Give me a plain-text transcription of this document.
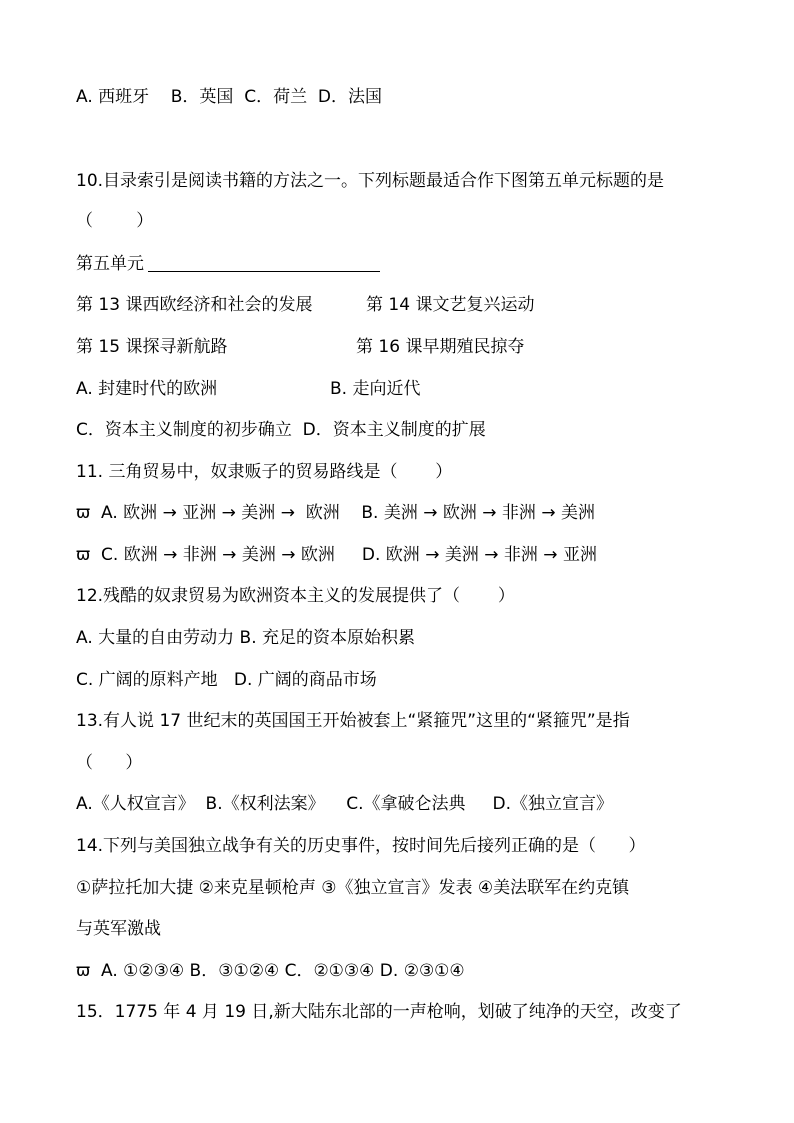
A. 西班牙    B．英国  C．荷兰  D．法国
10.目录索引是阅读书籍的方法之一。下列标题最适合作下图第五单元标题的是
（        ）
第五单元
第 13 课西欧经济和社会的发展	第 14 课文艺复兴运动
第 15 课探寻新航路	第 16 课早期殖民掠夺
A. 封建时代的欧洲	B. 走向近代
C．资本主义制度的初步确立  D．资本主义制度的扩展
11. 三角贸易中，奴隶贩子的贸易路线是（       ）
ϖ  A. 欧洲 → 亚洲 → 美洲 →  欧洲    B. 美洲 → 欧洲 → 非洲 → 美洲
ϖ  C. 欧洲 → 非洲 → 美洲 → 欧洲     D. 欧洲 → 美洲 → 非洲 → 亚洲
12.残酷的奴隶贸易为欧洲资本主义的发展提供了（       ）
A. 大量的自由劳动力 B. 充足的资本原始积累
C. 广阔的原料产地   D. 广阔的商品市场
13.有人说 17 世纪末的英国国王开始被套上“紧箍咒”这里的“紧箍咒”是指
（      ）
A.《人权宣言》  B.《权利法案》    C.《拿破仑法典     D.《独立宣言》
14.下列与美国独立战争有关的历史事件，按时间先后接列正确的是（      ）
①萨拉托加大捷 ②来克星顿枪声 ③《独立宣言》发表 ④美法联军在约克镇
与英军激战
ϖ  A. ①②③④ B．③①②④ C．②①③④ D. ②③①④
15．1775 年 4 月 19 日,新大陆东北部的一声枪响，划破了纯净的天空，改变了
